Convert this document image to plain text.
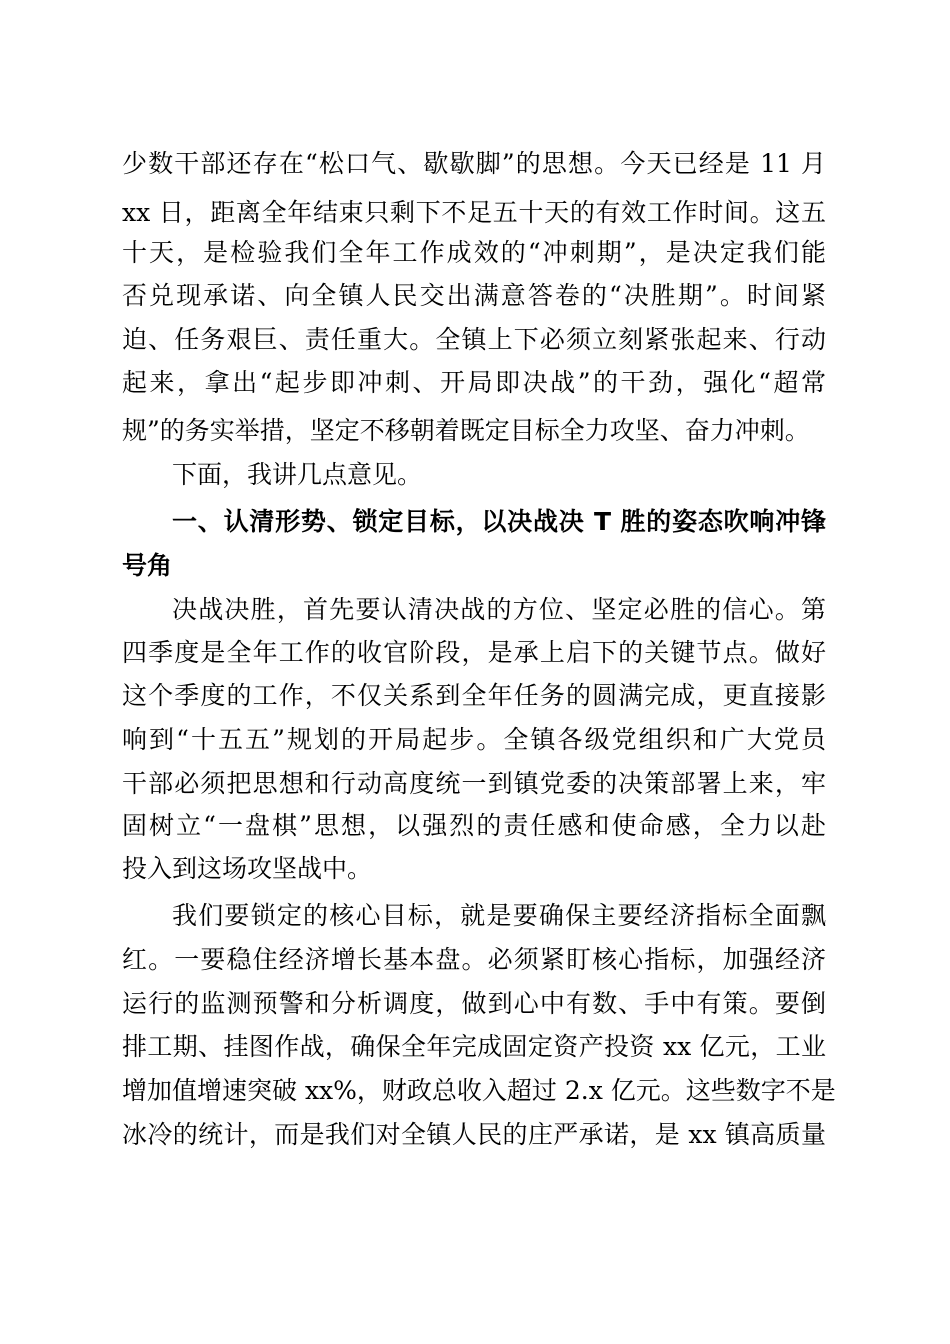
少数干部还存在“松口气、歇歇脚”的思想。今天已经是 11 月
xx 日，距离全年结束只剩下不足五十天的有效工作时间。这五
十天，是检验我们全年工作成效的“冲刺期”，是决定我们能
否兑现承诺、向全镇人民交出满意答卷的“决胜期”。时间紧
迫、任务艰巨、责任重大。全镇上下必须立刻紧张起来、行动
起来，拿出“起步即冲刺、开局即决战”的干劲，强化“超常
规”的务实举措，坚定不移朝着既定目标全力攻坚、奋力冲刺。
下面，我讲几点意见。
一、认清形势、锁定目标，以决战决 T 胜的姿态吹响冲锋
号角
决战决胜，首先要认清决战的方位、坚定必胜的信心。第
四季度是全年工作的收官阶段，是承上启下的关键节点。做好
这个季度的工作，不仅关系到全年任务的圆满完成，更直接影
响到“十五五”规划的开局起步。全镇各级党组织和广大党员
干部必须把思想和行动高度统一到镇党委的决策部署上来，牢
固树立“一盘棋”思想，以强烈的责任感和使命感，全力以赴
投入到这场攻坚战中。
我们要锁定的核心目标，就是要确保主要经济指标全面飘
红。一要稳住经济增长基本盘。必须紧盯核心指标，加强经济
运行的监测预警和分析调度，做到心中有数、手中有策。要倒
排工期、挂图作战，确保全年完成固定资产投资 xx 亿元，工业
增加值增速突破 xx%，财政总收入超过 2.x 亿元。这些数字不是
冰冷的统计，而是我们对全镇人民的庄严承诺，是 xx 镇高质量
